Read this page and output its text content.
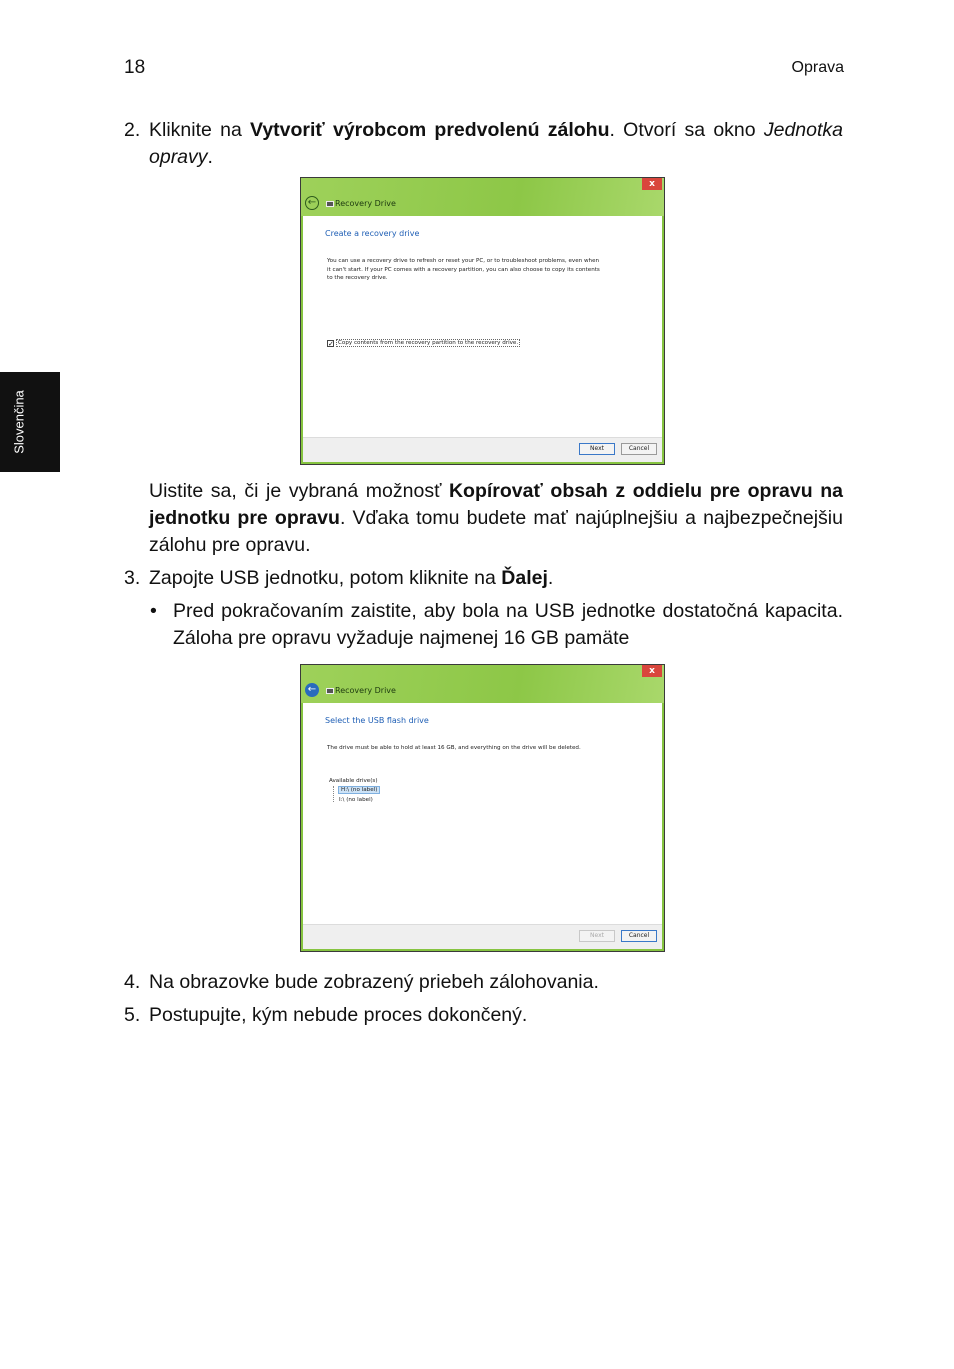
18	Oprava
Slovenčina
2. Kliknite na Vytvoriť výrobcom predvolenú zálohu. Otvorí sa okno Jednotka opravy.
x
←	Recovery Drive
Create a recovery drive
You can use a recovery drive to refresh or reset your PC, or to troubleshoot problems, even when
it can't start. If your PC comes with a recovery partition, you can also choose to copy its contents
to the recovery drive.
✓ Copy contents from the recovery partition to the recovery drive.
Next	Cancel
Uistite sa, či je vybraná možnosť Kopírovať obsah z oddielu pre opravu na jednotku pre opravu. Vďaka tomu budete mať najúplnejšiu a najbezpečnejšiu zálohu pre opravu.
3. Zapojte USB jednotku, potom kliknite na Ďalej.
• Pred pokračovaním zaistite, aby bola na USB jednotke dostatočná kapacita. Záloha pre opravu vyžaduje najmenej 16 GB pamäte
x
←	Recovery Drive
Select the USB flash drive
The drive must be able to hold at least 16 GB, and everything on the drive will be deleted.
Available drive(s)
H:\ (no label)
I:\ (no label)
Next	Cancel
4. Na obrazovke bude zobrazený priebeh zálohovania.
5. Postupujte, kým nebude proces dokončený.
